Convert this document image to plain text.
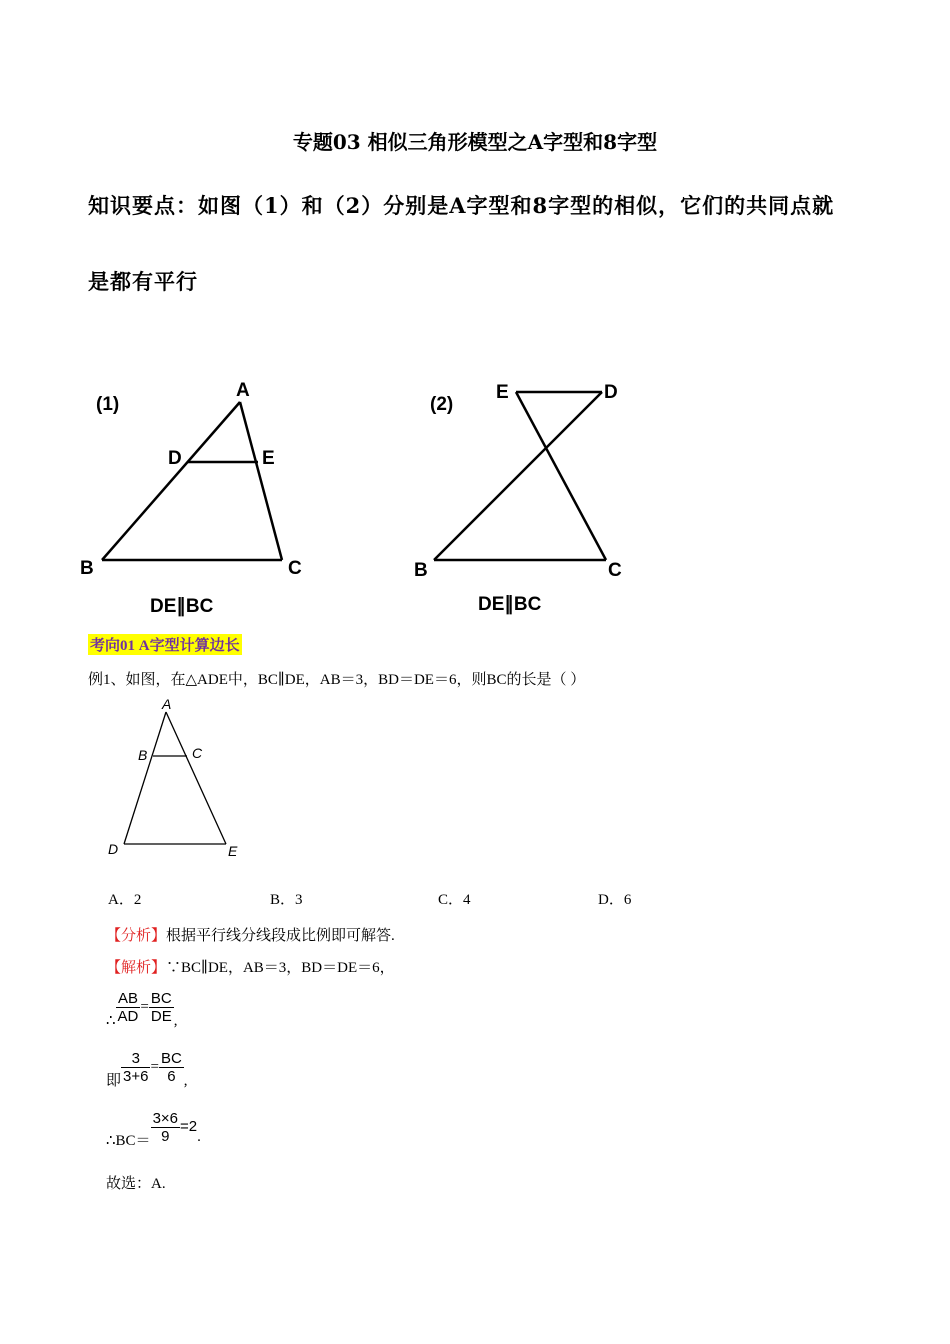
专题03 相似三角形模型之A字型和8字型
知识要点：如图（1）和（2）分别是A字型和8字型的相似，它们的共同点就
是都有平行
(1)
A
D	E
B	C
DE∥BC
(2)
E	D
B	C
DE∥BC
考向01 A字型计算边长
例1、如图，在△ADE中，BC∥DE，AB＝3，BD＝DE＝6，则BC的长是（ ）
A
B	C
D	E
A．2	B．3	C．4	D．6
【分析】根据平行线分线段成比例即可解答.
【解析】∵BC∥DE，AB＝3，BD＝DE＝6，
∴ $\frac{AB}{AD} = \frac{BC}{DE}$ ,
即 $\frac{3}{3+6} = \frac{BC}{6}$ ,
∴BC＝ $\frac{3\times 6}{9} =2$.
故选：A.
